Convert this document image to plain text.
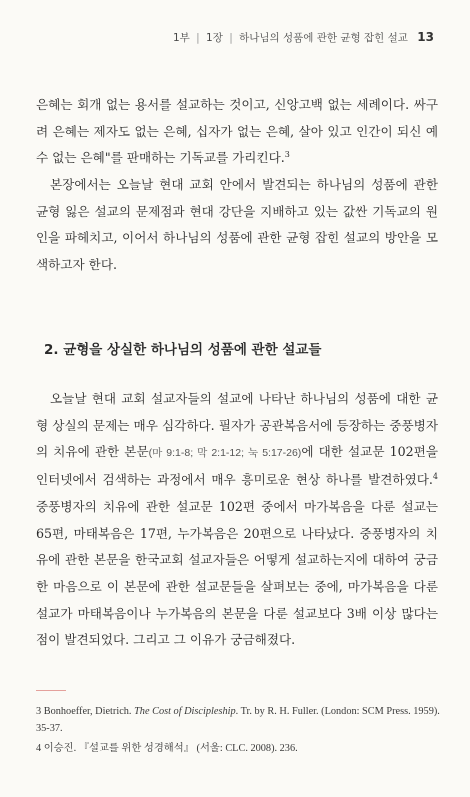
1부 | 1장 | 하나님의 성품에 관한 균형 잡힌 설교 13

은혜는 회개 없는 용서를 설교하는 것이고, 신앙고백 없는 세례이다. 싸구려 은혜는 제자도 없는 은혜, 십자가 없는 은혜, 살아 있고 인간이 되신 예수 없는 은혜"를 판매하는 기독교를 가리킨다.$^3$

본장에서는 오늘날 현대 교회 안에서 발견되는 하나님의 성품에 관한 균형 잃은 설교의 문제점과 현대 강단을 지배하고 있는 값싼 기독교의 원인을 파헤치고, 이어서 하나님의 성품에 관한 균형 잡힌 설교의 방안을 모색하고자 한다.

2. 균형을 상실한 하나님의 성품에 관한 설교들

오늘날 현대 교회 설교자들의 설교에 나타난 하나님의 성품에 대한 균형 상실의 문제는 매우 심각하다. 필자가 공관복음서에 등장하는 중풍병자의 치유에 관한 본문(마 9:1-8; 막 2:1-12; 눅 5:17-26)에 대한 설교문 102편을 인터넷에서 검색하는 과정에서 매우 흥미로운 현상 하나를 발견하였다.$^4$ 중풍병자의 치유에 관한 설교문 102편 중에서 마가복음을 다룬 설교는 65편, 마태복음은 17편, 누가복음은 20편으로 나타났다. 중풍병자의 치유에 관한 본문을 한국교회 설교자들은 어떻게 설교하는지에 대하여 궁금한 마음으로 이 본문에 관한 설교문들을 살펴보는 중에, 마가복음을 다룬 설교가 마태복음이나 누가복음의 본문을 다룬 설교보다 3배 이상 많다는 점이 발견되었다. 그리고 그 이유가 궁금해졌다.

3 Bonhoeffer, Dietrich. The Cost of Discipleship. Tr. by R. H. Fuller. (London: SCM Press. 1959). 35-37.

4 이승진. 『설교를 위한 성경해석』 (서울: CLC. 2008). 236.
